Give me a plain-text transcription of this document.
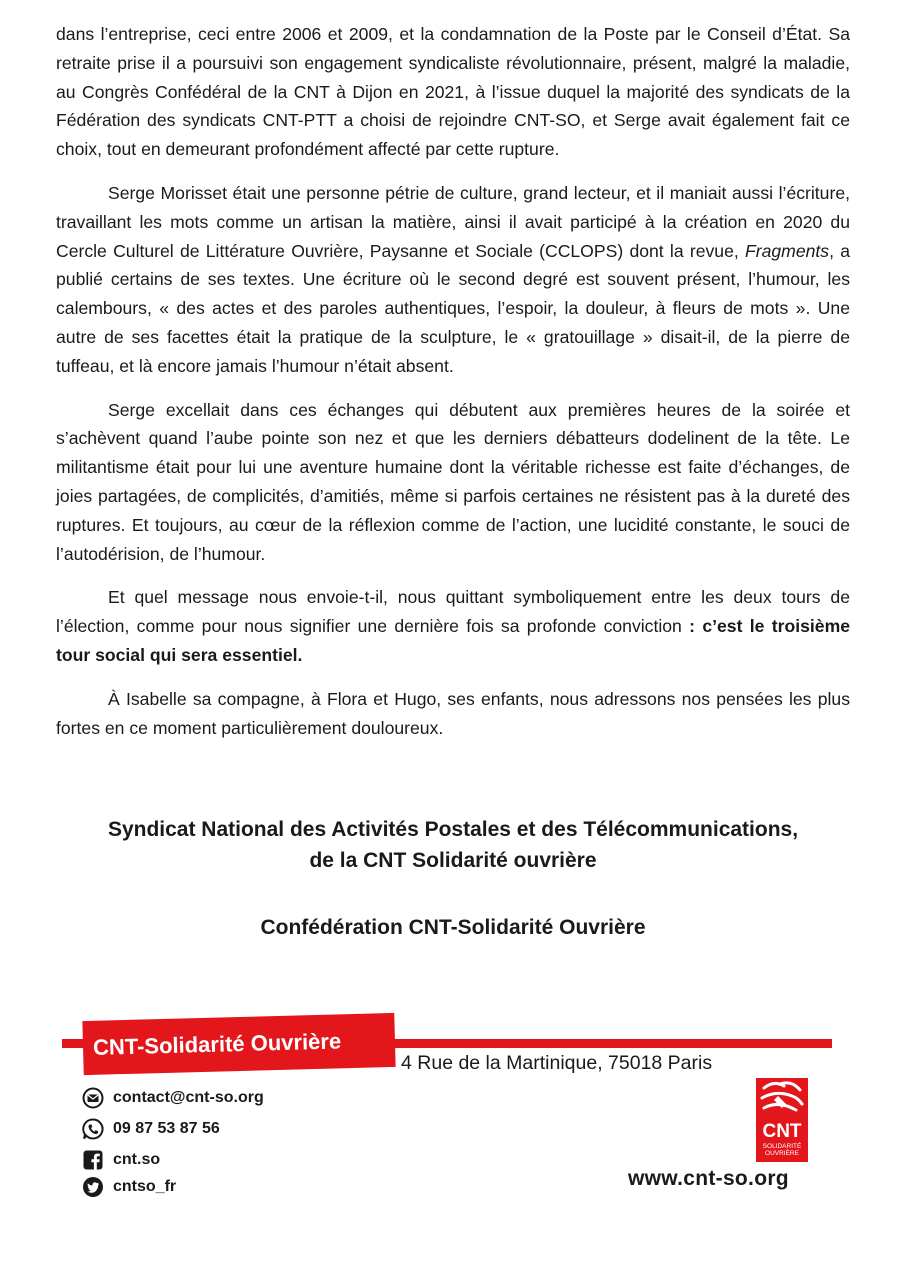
dans l’entreprise, ceci entre 2006 et 2009, et la condamnation de la Poste par le Conseil d’État. Sa retraite prise il a poursuivi son engagement syndicaliste révolutionnaire, présent, malgré la maladie, au Congrès Confédéral de la CNT à Dijon en 2021, à l’issue duquel la majorité des syndicats de la Fédération des syndicats CNT-PTT a choisi de rejoindre CNT-SO, et Serge avait également fait ce choix, tout en demeurant profondément affecté par cette rupture.

Serge Morisset était une personne pétrie de culture, grand lecteur, et il maniait aussi l’écriture, travaillant les mots comme un artisan la matière, ainsi il avait participé à la création en 2020 du Cercle Culturel de Littérature Ouvrière, Paysanne et Sociale (CCLOPS) dont la revue, Fragments, a publié certains de ses textes. Une écriture où le second degré est souvent présent, l’humour, les calembours, « des actes et des paroles authentiques, l’espoir, la douleur, à fleurs de mots ». Une autre de ses facettes était la pratique de la sculpture, le « gratouillage » disait-il, de la pierre de tuffeau, et là encore jamais l’humour n’était absent.

Serge excellait dans ces échanges qui débutent aux premières heures de la soirée et s’achèvent quand l’aube pointe son nez et que les derniers débatteurs dodelinent de la tête. Le militantisme était pour lui une aventure humaine dont la véritable richesse est faite d’échanges, de joies partagées, de complicités, d’amitiés, même si parfois certaines ne résistent pas à la dureté des ruptures. Et toujours, au cœur de la réflexion comme de l’action, une lucidité constante, le souci de l’autodérision, de l’humour.

Et quel message nous envoie-t-il, nous quittant symboliquement entre les deux tours de l’élection, comme pour nous signifier une dernière fois sa profonde conviction : c’est le troisième tour social qui sera essentiel.

À Isabelle sa compagne, à Flora et Hugo, ses enfants, nous adressons nos pensées les plus fortes en ce moment particulièrement douloureux.

Syndicat National des Activités Postales et des Télécommunications,
de la CNT Solidarité ouvrière
Confédération CNT-Solidarité Ouvrière
CNT-Solidarité Ouvrière
4 Rue de la Martinique, 75018 Paris
contact@cnt-so.org
09 87 53 87 56
cnt.so
cntso_fr
CNT
SOLIDARITÉ
OUVRIÈRE
www.cnt-so.org
